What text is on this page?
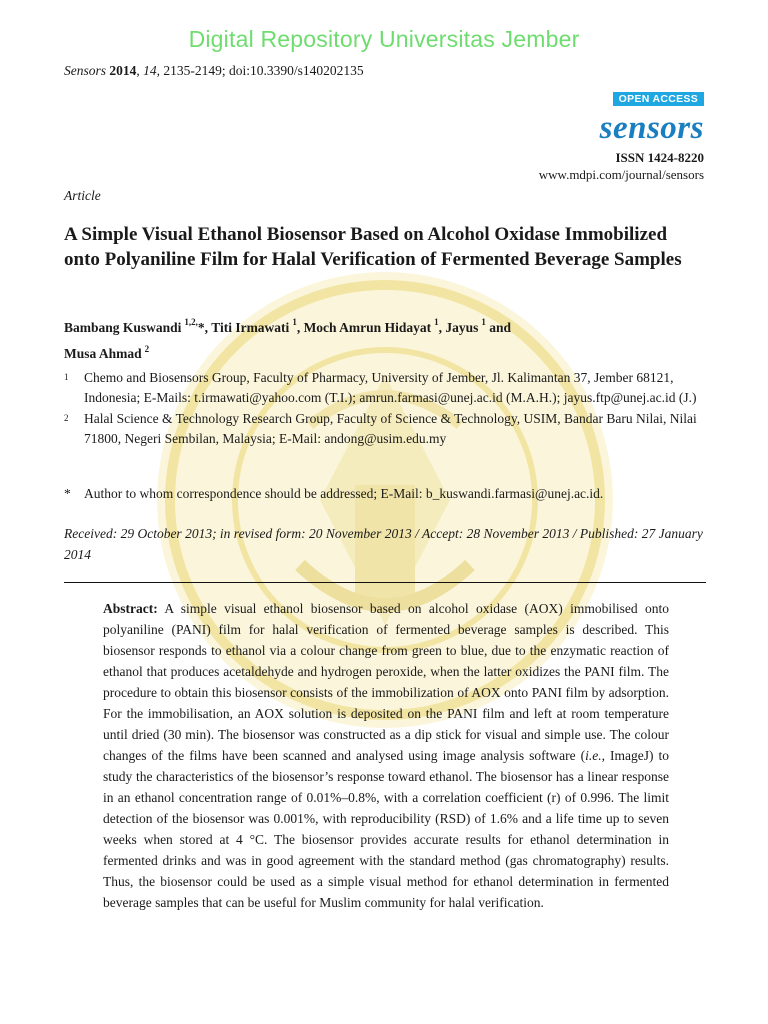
Digital Repository Universitas Jember
Sensors 2014, 14, 2135-2149; doi:10.3390/s140202135
OPEN ACCESS
sensors
ISSN 1424-8220
www.mdpi.com/journal/sensors
Article
A Simple Visual Ethanol Biosensor Based on Alcohol Oxidase Immobilized onto Polyaniline Film for Halal Verification of Fermented Beverage Samples
Bambang Kuswandi $^{1,2,}$*, Titi Irmawati $^1$, Moch Amrun Hidayat $^1$, Jayus $^1$ and
Musa Ahmad $^2$
1	Chemo and Biosensors Group, Faculty of Pharmacy, University of Jember, Jl. Kalimantan 37, Jember 68121, Indonesia; E-Mails: t.irmawati@yahoo.com (T.I.); amrun.farmasi@unej.ac.id (M.A.H.); jayus.ftp@unej.ac.id (J.)
2	Halal Science & Technology Research Group, Faculty of Science & Technology, USIM, Bandar Baru Nilai, Nilai 71800, Negeri Sembilan, Malaysia; E-Mail: andong@usim.edu.my
* Author to whom correspondence should be addressed; E-Mail: b_kuswandi.farmasi@unej.ac.id.
Received: 29 October 2013; in revised form: 20 November 2013 / Accept: 28 November 2013 / Published: 27 January 2014

Abstract: A simple visual ethanol biosensor based on alcohol oxidase (AOX) immobilised onto polyaniline (PANI) film for halal verification of fermented beverage samples is described. This biosensor responds to ethanol via a colour change from green to blue, due to the enzymatic reaction of ethanol that produces acetaldehyde and hydrogen peroxide, when the latter oxidizes the PANI film. The procedure to obtain this biosensor consists of the immobilization of AOX onto PANI film by adsorption. For the immobilisation, an AOX solution is deposited on the PANI film and left at room temperature until dried (30 min). The biosensor was constructed as a dip stick for visual and simple use. The colour changes of the films have been scanned and analysed using image analysis software (i.e., ImageJ) to study the characteristics of the biosensor’s response toward ethanol. The biosensor has a linear response in an ethanol concentration range of 0.01%–0.8%, with a correlation coefficient (r) of 0.996. The limit detection of the biosensor was 0.001%, with reproducibility (RSD) of 1.6% and a life time up to seven weeks when stored at 4 °C. The biosensor provides accurate results for ethanol determination in fermented drinks and was in good agreement with the standard method (gas chromatography) results. Thus, the biosensor could be used as a simple visual method for ethanol determination in fermented beverage samples that can be useful for Muslim community for halal verification.
